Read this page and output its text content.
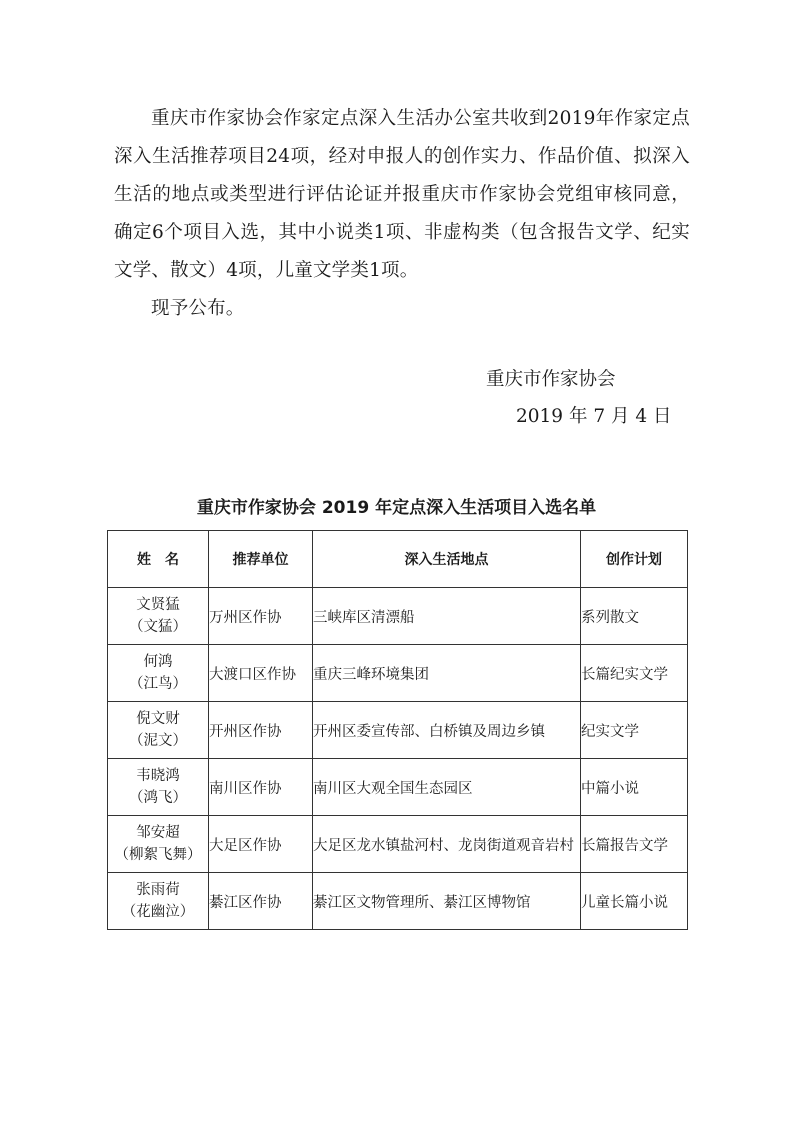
重庆市作家协会作家定点深入生活办公室共收到2019年作家定点深入生活推荐项目24项，经对申报人的创作实力、作品价值、拟深入生活的地点或类型进行评估论证并报重庆市作家协会党组审核同意，确定6个项目入选，其中小说类1项、非虚构类（包含报告文学、纪实文学、散文）4项，儿童文学类1项。

现予公布。

重庆市作家协会
2019 年 7 月 4 日
重庆市作家协会 2019 年定点深入生活项目入选名单
姓　名	推荐单位	深入生活地点	创作计划

文贤猛
（文猛）	万州区作协	三峡库区清漂船	系列散文

何鸿
（江鸟）	大渡口区作协	重庆三峰环境集团	长篇纪实文学

倪文财
（泥文）	开州区作协	开州区委宣传部、白桥镇及周边乡镇	纪实文学

韦晓鸿
（鸿飞）	南川区作协	南川区大观全国生态园区	中篇小说

邹安超
（柳絮飞舞）	大足区作协	大足区龙水镇盐河村、龙岗街道观音岩村	长篇报告文学

张雨荷
（花幽泣）	綦江区作协	綦江区文物管理所、綦江区博物馆	儿童长篇小说
